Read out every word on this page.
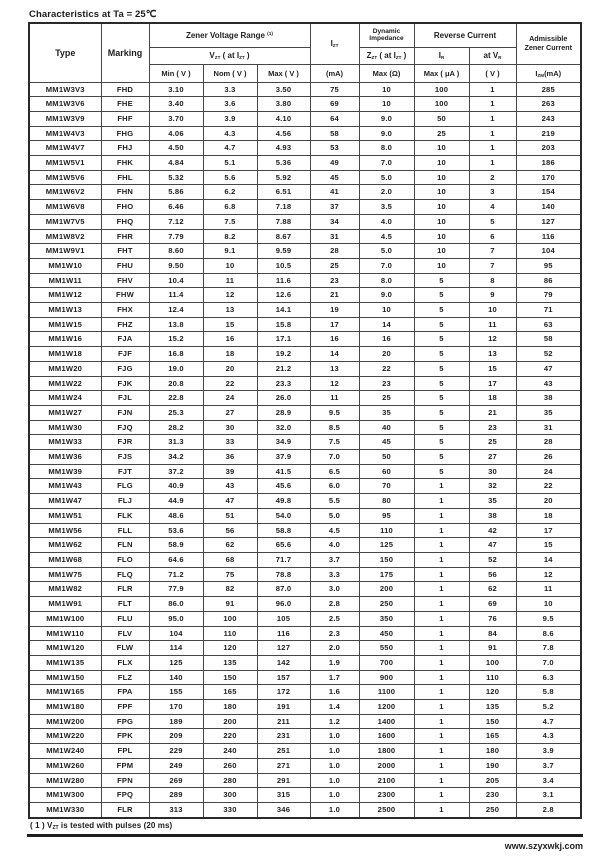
Characteristics at Ta = 25℃
Type	Marking	Zener Voltage Range $^{(1)}$			$I_{ZT}$	Dynamic
Impedance	Reverse Current		Admissible
Zener Current

		$V_{ZT}$ ( at $I_{ZT}$ )				$Z_{ZT}$ ( at $I_{ZT}$ )	$I_R$	at $V_R$
		Min ( V )	Nom ( V )	Max ( V )	(mA)	Max (Ω)	Max ( μA )	( V )	$I_{ZM}(mA)$
MM1W3V3	FHD	3.10	3.3	3.50	75	10	100	1	285
MM1W3V6	FHE	3.40	3.6	3.80	69	10	100	1	263
MM1W3V9	FHF	3.70	3.9	4.10	64	9.0	50	1	243
MM1W4V3	FHG	4.06	4.3	4.56	58	9.0	25	1	219
MM1W4V7	FHJ	4.50	4.7	4.93	53	8.0	10	1	203
MM1W5V1	FHK	4.84	5.1	5.36	49	7.0	10	1	186
MM1W5V6	FHL	5.32	5.6	5.92	45	5.0	10	2	170
MM1W6V2	FHN	5.86	6.2	6.51	41	2.0	10	3	154
MM1W6V8	FHO	6.46	6.8	7.18	37	3.5	10	4	140
MM1W7V5	FHQ	7.12	7.5	7.88	34	4.0	10	5	127
MM1W8V2	FHR	7.79	8.2	8.67	31	4.5	10	6	116
MM1W9V1	FHT	8.60	9.1	9.59	28	5.0	10	7	104
MM1W10	FHU	9.50	10	10.5	25	7.0	10	7	95
MM1W11	FHV	10.4	11	11.6	23	8.0	5	8	86
MM1W12	FHW	11.4	12	12.6	21	9.0	5	9	79
MM1W13	FHX	12.4	13	14.1	19	10	5	10	71
MM1W15	FHZ	13.8	15	15.8	17	14	5	11	63
MM1W16	FJA	15.2	16	17.1	16	16	5	12	58
MM1W18	FJF	16.8	18	19.2	14	20	5	13	52
MM1W20	FJG	19.0	20	21.2	13	22	5	15	47
MM1W22	FJK	20.8	22	23.3	12	23	5	17	43
MM1W24	FJL	22.8	24	26.0	11	25	5	18	38
MM1W27	FJN	25.3	27	28.9	9.5	35	5	21	35
MM1W30	FJQ	28.2	30	32.0	8.5	40	5	23	31
MM1W33	FJR	31.3	33	34.9	7.5	45	5	25	28
MM1W36	FJS	34.2	36	37.9	7.0	50	5	27	26
MM1W39	FJT	37.2	39	41.5	6.5	60	5	30	24
MM1W43	FLG	40.9	43	45.6	6.0	70	1	32	22
MM1W47	FLJ	44.9	47	49.8	5.5	80	1	35	20
MM1W51	FLK	48.6	51	54.0	5.0	95	1	38	18
MM1W56	FLL	53.6	56	58.8	4.5	110	1	42	17
MM1W62	FLN	58.9	62	65.6	4.0	125	1	47	15
MM1W68	FLO	64.6	68	71.7	3.7	150	1	52	14
MM1W75	FLQ	71.2	75	78.8	3.3	175	1	56	12
MM1W82	FLR	77.9	82	87.0	3.0	200	1	62	11
MM1W91	FLT	86.0	91	96.0	2.8	250	1	69	10
MM1W100	FLU	95.0	100	105	2.5	350	1	76	9.5
MM1W110	FLV	104	110	116	2.3	450	1	84	8.6
MM1W120	FLW	114	120	127	2.0	550	1	91	7.8
MM1W135	FLX	125	135	142	1.9	700	1	100	7.0
MM1W150	FLZ	140	150	157	1.7	900	1	110	6.3
MM1W165	FPA	155	165	172	1.6	1100	1	120	5.8
MM1W180	FPF	170	180	191	1.4	1200	1	135	5.2
MM1W200	FPG	189	200	211	1.2	1400	1	150	4.7
MM1W220	FPK	209	220	231	1.0	1600	1	165	4.3
MM1W240	FPL	229	240	251	1.0	1800	1	180	3.9
MM1W260	FPM	249	260	271	1.0	2000	1	190	3.7
MM1W280	FPN	269	280	291	1.0	2100	1	205	3.4
MM1W300	FPQ	289	300	315	1.0	2300	1	230	3.1
MM1W330	FLR	313	330	346	1.0	2500	1	250	2.8
( 1 ) $V_{ZT}$ is tested with pulses (20 ms)
www.szyxwkj.com
